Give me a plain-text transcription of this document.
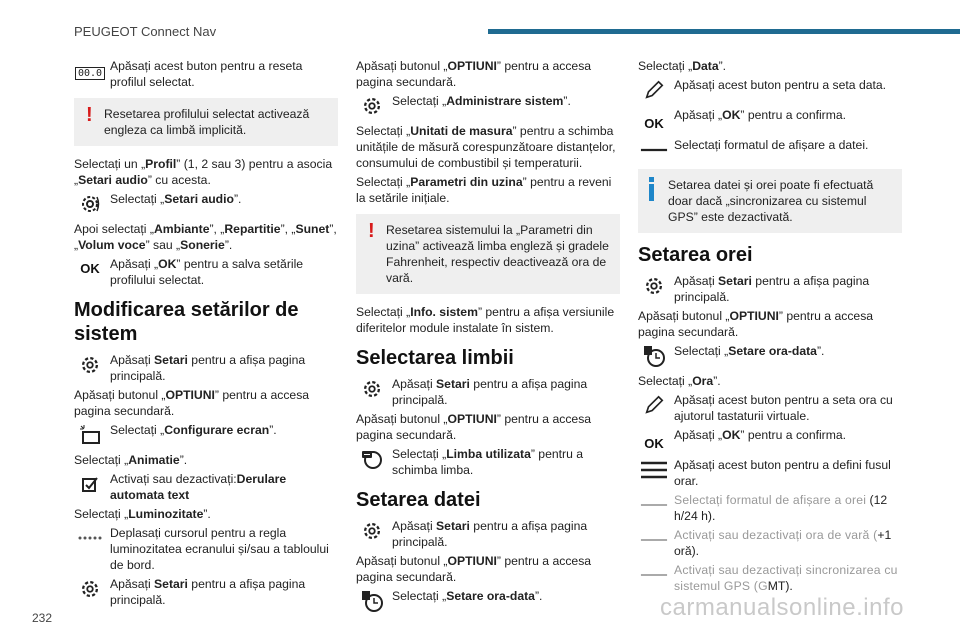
PEUGEOT Connect Nav
00.0 Apăsați acest buton pentru a reseta profilul selectat.
! Resetarea profilului selectat activează engleza ca limbă implicită.
Selectați un „Profil” (1, 2 sau 3) pentru a asocia „Setari audio” cu acesta.
Selectați „Setari audio”.
Apoi selectați „Ambiante”, „Repartitie”, „Sunet”, „Volum voce” sau „Sonerie”.
OK Apăsați „OK” pentru a salva setările profilului selectat.
Modificarea setărilor de sistem
Apăsați Setari pentru a afișa pagina principală.
Apăsați butonul „OPTIUNI” pentru a accesa pagina secundară.
Selectați „Configurare ecran”.
Selectați „Animatie”.
Activați sau dezactivați:Derulare automata text
Selectați „Luminozitate”.
Deplasați cursorul pentru a regla luminozitatea ecranului și/sau a tabloului de bord.
Apăsați Setari pentru a afișa pagina principală.
Apăsați butonul „OPTIUNI” pentru a accesa pagina secundară.
Selectați „Administrare sistem”.
Selectați „Unitati de masura” pentru a schimba unitățile de măsură corespunzătoare distanțelor, consumului de combustibil și temperaturii.
Selectați „Parametri din uzina” pentru a reveni la setările inițiale.
! Resetarea sistemului la „Parametri din uzina” activează limba engleză și gradele Fahrenheit, respectiv deactivează ora de vară.
Selectați „Info. sistem” pentru a afișa versiunile diferitelor module instalate în sistem.
Selectarea limbii
Apăsați Setari pentru a afișa pagina principală.
Apăsați butonul „OPTIUNI” pentru a accesa pagina secundară.
Selectați „Limba utilizata” pentru a schimba limba.
Setarea datei
Apăsați Setari pentru a afișa pagina principală.
Apăsați butonul „OPTIUNI” pentru a accesa pagina secundară.
Selectați „Setare ora-data”.
Selectați „Data”.
Apăsați acest buton pentru a seta data.
OK
Apăsați „OK” pentru a confirma.
Selectați formatul de afișare a datei.
Setarea datei și orei poate fi efectuată doar dacă „sincronizarea cu sistemul GPS” este dezactivată.
Setarea orei
Apăsați Setari pentru a afișa pagina principală.
Apăsați butonul „OPTIUNI” pentru a accesa pagina secundară.
Selectați „Setare ora-data”.
Selectați „Ora”.
Apăsați acest buton pentru a seta ora cu ajutorul tastaturii virtuale.
OK
Apăsați „OK” pentru a confirma.
Apăsați acest buton pentru a defini fusul orar.
Selectați formatul de afișare a orei (12 h/24 h).
Activați sau dezactivați ora de vară (+1 oră).
Activați sau dezactivați sincronizarea cu sistemul GPS (GMT).
232	carmanualsonline.info
